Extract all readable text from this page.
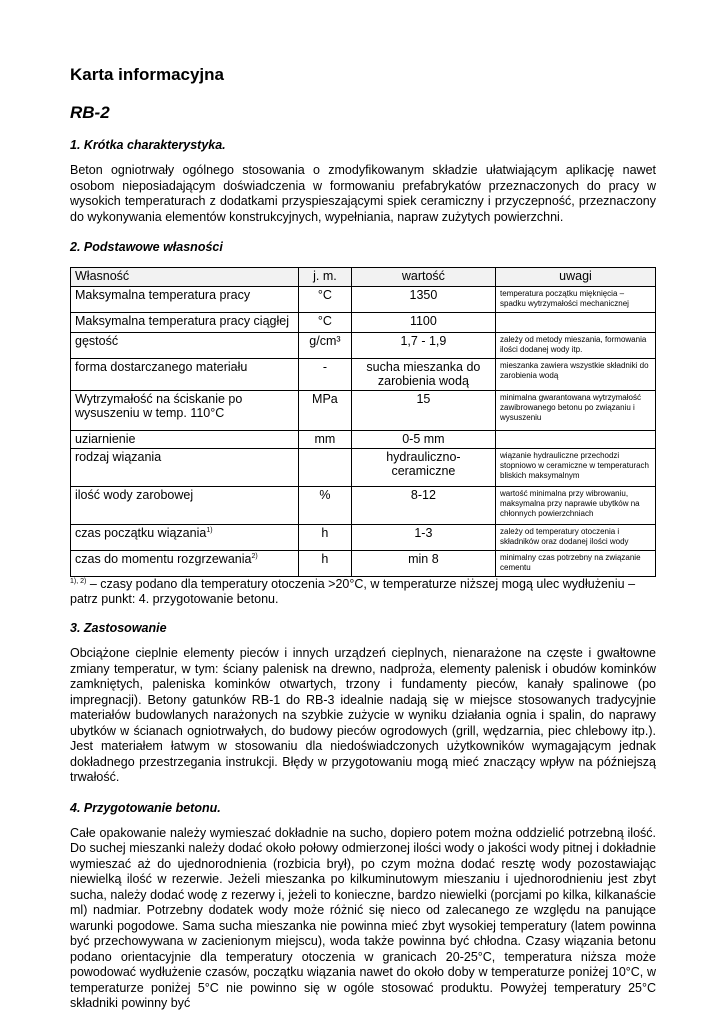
Karta informacyjna
RB-2
1. Krótka charakterystyka.

Beton ogniotrwały ogólnego stosowania o zmodyfikowanym składzie ułatwiającym aplikację nawet osobom nieposiadającym doświadczenia w formowaniu prefabrykatów przeznaczonych do pracy w wysokich temperaturach z dodatkami przyspieszającymi spiek ceramiczny i przyczepność, przeznaczony do wykonywania elementów konstrukcyjnych, wypełniania, napraw zużytych powierzchni.

2. Podstawowe własności
Własność	j. m.	wartość	uwagi
Maksymalna temperatura pracy	°C	1350	temperatura początku mięknięcia – spadku wytrzymałości mechanicznej
Maksymalna temperatura pracy ciągłej	°C	1100	
gęstość	g/cm³	1,7 - 1,9	zależy od metody mieszania, formowania ilości dodanej wody itp.
forma dostarczanego materiału	-	sucha mieszanka do zarobienia wodą	mieszanka zawiera wszystkie składniki do zarobienia wodą
Wytrzymałość na ściskanie po wysuszeniu w temp. 110°C	MPa	15	minimalna gwarantowana wytrzymałość zawibrowanego betonu po związaniu i wysuszeniu
uziarnienie	mm	0-5 mm	
rodzaj wiązania		hydrauliczno-ceramiczne	wiązanie hydrauliczne przechodzi stopniowo w ceramiczne w temperaturach bliskich maksymalnym
ilość wody zarobowej	%	8-12	wartość minimalna przy wibrowaniu, maksymalna przy naprawie ubytków na chłonnych powierzchniach
czas początku wiązania$^{1)}$	h	1-3	zależy od temperatury otoczenia i składników oraz dodanej ilości wody
czas do momentu rozgrzewania$^{2)}$	h	min 8	minimalny czas potrzebny na związanie cementu

$^{1), 2)}$ – czasy podano dla temperatury otoczenia >20°C, w temperaturze niższej mogą ulec wydłużeniu – patrz punkt: 4. przygotowanie betonu.

3. Zastosowanie

Obciążone cieplnie elementy pieców i innych urządzeń cieplnych, nienarażone na częste i gwałtowne zmiany temperatur, w tym: ściany palenisk na drewno, nadproża, elementy palenisk i obudów kominków zamkniętych, paleniska kominków otwartych, trzony i fundamenty pieców, kanały spalinowe (po impregnacji). Betony gatunków RB-1 do RB-3 idealnie nadają się w miejsce stosowanych tradycyjnie materiałów budowlanych narażonych na szybkie zużycie w wyniku działania ognia i spalin, do naprawy ubytków w ścianach ogniotrwałych, do budowy pieców ogrodowych (grill, wędzarnia, piec chlebowy itp.). Jest materiałem łatwym w stosowaniu dla niedoświadczonych użytkowników wymagającym jednak dokładnego przestrzegania instrukcji. Błędy w przygotowaniu mogą mieć znaczący wpływ na późniejszą trwałość.

4. Przygotowanie betonu.

Całe opakowanie należy wymieszać dokładnie na sucho, dopiero potem można oddzielić potrzebną ilość. Do suchej mieszanki należy dodać około połowy odmierzonej ilości wody o jakości wody pitnej i dokładnie wymieszać aż do ujednorodnienia (rozbicia brył), po czym można dodać resztę wody pozostawiając niewielką ilość w rezerwie. Jeżeli mieszanka po kilkuminutowym mieszaniu i ujednorodnieniu jest zbyt sucha, należy dodać wodę z rezerwy i, jeżeli to konieczne, bardzo niewielki (porcjami po kilka, kilkanaście ml) nadmiar. Potrzebny dodatek wody może różnić się nieco od zalecanego ze względu na panujące warunki pogodowe. Sama sucha mieszanka nie powinna mieć zbyt wysokiej temperatury (latem powinna być przechowywana w zacienionym miejscu), woda także powinna być chłodna. Czasy wiązania betonu podano orientacyjnie dla temperatury otoczenia w granicach 20-25°C, temperatura niższa może powodować wydłużenie czasów, początku wiązania nawet do około doby w temperaturze poniżej 10°C, w temperaturze poniżej 5°C nie powinno się w ogóle stosować produktu. Powyżej temperatury 25°C składniki powinny być
